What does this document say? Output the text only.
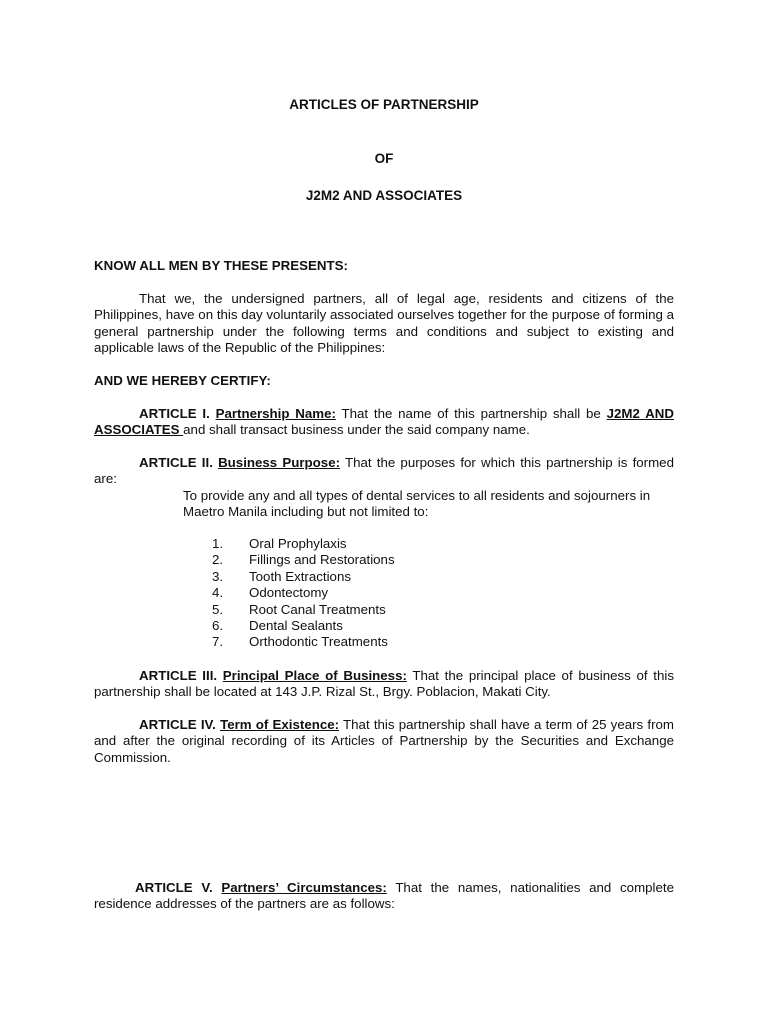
ARTICLES OF PARTNERSHIP
OF
J2M2 AND ASSOCIATES
KNOW ALL MEN BY THESE PRESENTS:
That we, the undersigned partners, all of legal age, residents and citizens of the Philippines, have on this day voluntarily associated ourselves together for the purpose of forming a general partnership under the following terms and conditions and subject to existing and applicable laws of the Republic of the Philippines:
AND WE HEREBY CERTIFY:
ARTICLE I. Partnership Name: That the name of this partnership shall be J2M2 AND ASSOCIATES and shall transact business under the said company name.
ARTICLE II. Business Purpose: That the purposes for which this partnership is formed are:
To provide any and all types of dental services to all residents and sojourners in Maetro Manila including but not limited to:
1. Oral Prophylaxis
2. Fillings and Restorations
3. Tooth Extractions
4. Odontectomy
5. Root Canal Treatments
6. Dental Sealants
7. Orthodontic Treatments
ARTICLE III. Principal Place of Business: That the principal place of business of this partnership shall be located at 143 J.P. Rizal St., Brgy. Poblacion, Makati City.
ARTICLE IV. Term of Existence: That this partnership shall have a term of 25 years from and after the original recording of its Articles of Partnership by the Securities and Exchange Commission.
ARTICLE V. Partners’ Circumstances: That the names, nationalities and complete residence addresses of the partners are as follows:
